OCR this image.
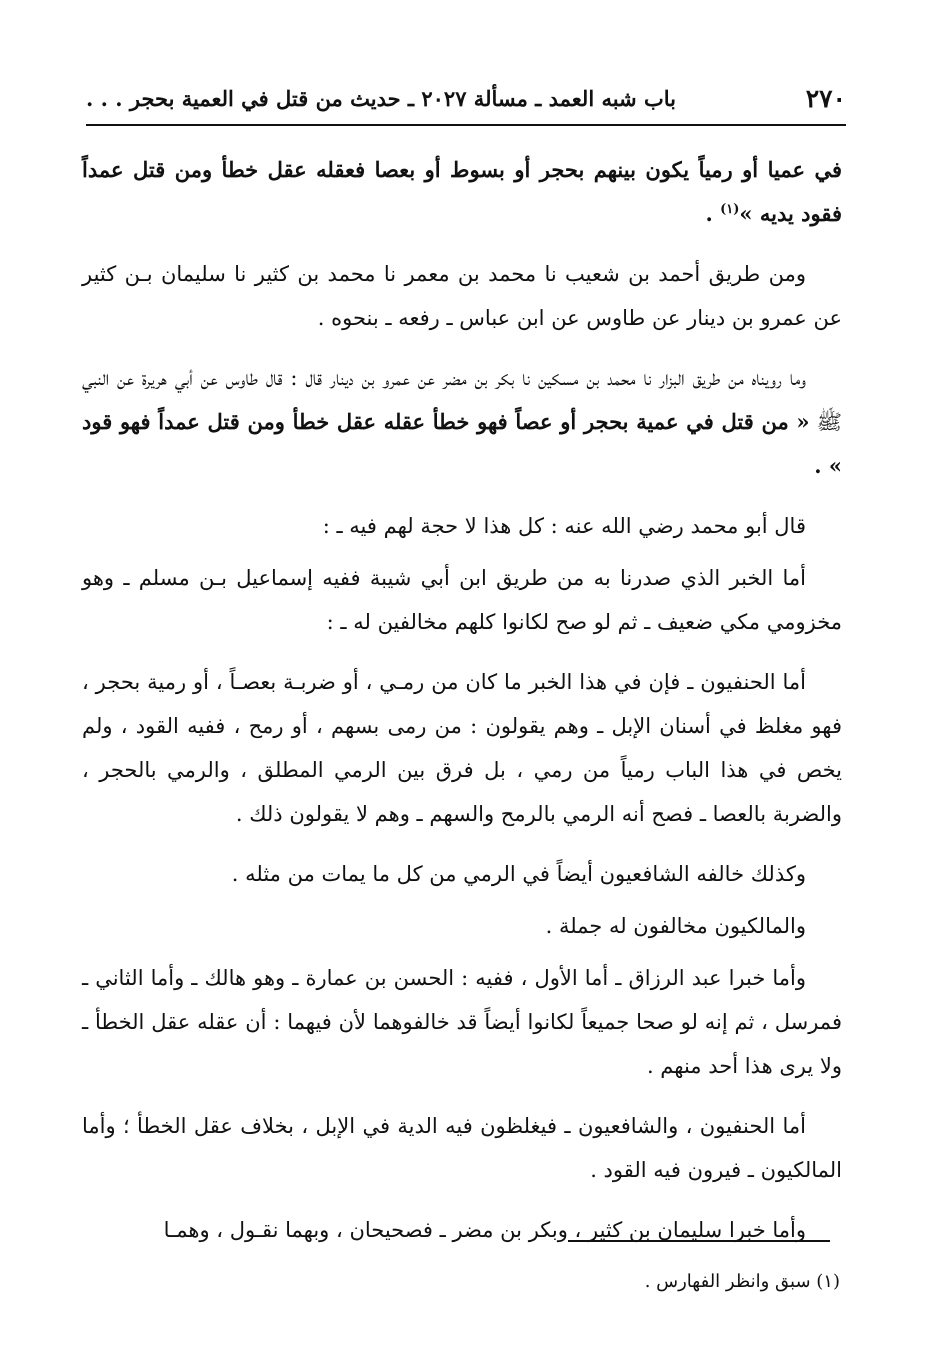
٢٧٠
باب شبه العمد ـ مسألة ٢٠٢٧ ـ حديث من قتل في العمية بحجر . . .

في عميا أو رمياً يكون بينهم بحجر أو بسوط أو بعصا فعقله عقل خطأ ومن قتل عمداً فقود يديه »$^{(١)}$ .

ومن طريق أحمد بن شعيب نا محمد بن معمر نا محمد بن كثير نا سليمان بـن كثير عن عمرو بن دينار عن طاوس عن ابن عباس ـ رفعه ـ بنحوه .

وما رويناه من طريق البزار نا محمد بن مسكين نا بكر بن مضر عن عمرو بن دينار قال : قال طاوس عن أبي هريرة عن النبي ﷺ « من قتل في عمية بحجر أو عصاً فهو خطأ عقله عقل خطأ ومن قتل عمداً فهو قود » .

قال أبو محمد رضي الله عنه : كل هذا لا حجة لهم فيه ـ :

أما الخبر الذي صدرنا به من طريق ابن أبي شيبة ففيه إسماعيل بـن مسلم ـ وهو مخزومي مكي ضعيف ـ ثم لو صح لكانوا كلهم مخالفين له ـ :

أما الحنفيون ـ فإن في هذا الخبر ما كان من رمـي ، أو ضربـة بعصـاً ، أو رمية بحجر ، فهو مغلظ في أسنان الإبل ـ وهم يقولون : من رمى بسهم ، أو رمح ، ففيه القود ، ولم يخص في هذا الباب رمياً من رمي ، بل فرق بين الرمي المطلق ، والرمي بالحجر ، والضربة بالعصا ـ فصح أنه الرمي بالرمح والسهم ـ وهم لا يقولون ذلك .

وكذلك خالفه الشافعيون أيضاً في الرمي من كل ما يمات من مثله .

والمالكيون مخالفون له جملة .

وأما خبرا عبد الرزاق ـ أما الأول ، ففيه : الحسن بن عمارة ـ وهو هالك ـ وأما الثاني ـ فمرسل ، ثم إنه لو صحا جميعاً لكانوا أيضاً قد خالفوهما لأن فيهما : أن عقله عقل الخطأ ـ ولا يرى هذا أحد منهم .

أما الحنفيون ، والشافعيون ـ فيغلظون فيه الدية في الإبل ، بخلاف عقل الخطأ ؛ وأما المالكيون ـ فيرون فيه القود .

وأما خبرا سليمان بن كثير ، وبكر بن مضر ـ فصحيحان ، وبهما نقـول ، وهمـا

(١) سبق وانظر الفهارس .
